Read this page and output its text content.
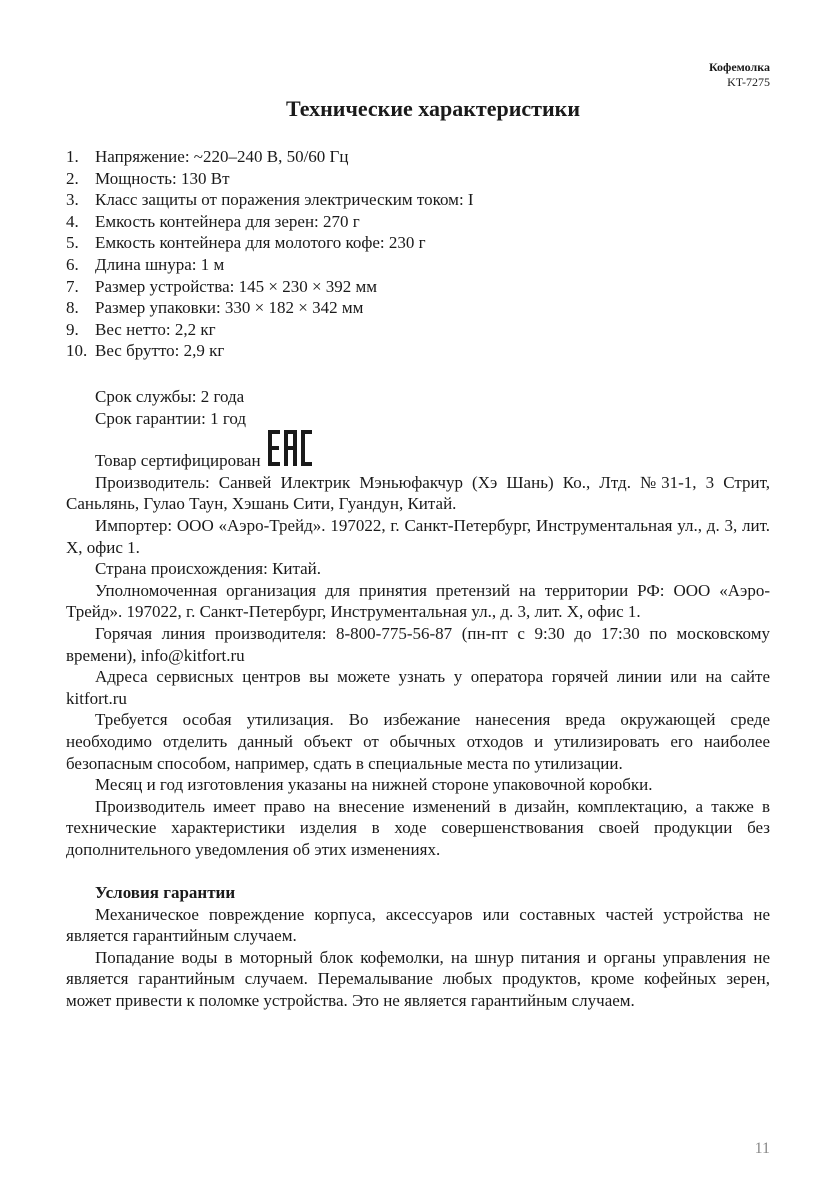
Кофемолка
KT-7275
Технические характеристики
1. Напряжение: ~220–240 В, 50/60 Гц
2. Мощность: 130 Вт
3. Класс защиты от поражения электрическим током: I
4. Емкость контейнера для зерен: 270 г
5. Емкость контейнера для молотого кофе: 230 г
6. Длина шнура: 1 м
7. Размер устройства: 145 × 230 × 392 мм
8. Размер упаковки: 330 × 182 × 342 мм
9. Вес нетто: 2,2 кг
10. Вес брутто: 2,9 кг
Срок службы: 2 года
Срок гарантии: 1 год
Товар сертифицирован

Производитель: Санвей Илектрик Мэньюфакчур (Хэ Шань) Ко., Лтд. №31-1, 3 Стрит, Саньлянь, Гулао Таун, Хэшань Сити, Гуандун, Китай.

Импортер: ООО «Аэро-Трейд». 197022, г. Санкт-Петербург, Инструментальная ул., д. 3, лит. Х, офис 1.

Страна происхождения: Китай.

Уполномоченная организация для принятия претензий на территории РФ: ООО «Аэро-Трейд». 197022, г. Санкт-Петербург, Инструментальная ул., д. 3, лит. Х, офис 1.

Горячая линия производителя: 8-800-775-56-87 (пн-пт с 9:30 до 17:30 по московскому времени), info@kitfort.ru

Адреса сервисных центров вы можете узнать у оператора горячей линии или на сайте kitfort.ru

Требуется особая утилизация. Во избежание нанесения вреда окружающей среде необходимо отделить данный объект от обычных отходов и утилизировать его наиболее безопасным способом, например, сдать в специальные места по утилизации.

Месяц и год изготовления указаны на нижней стороне упаковочной коробки.

Производитель имеет право на внесение изменений в дизайн, комплектацию, а также в технические характеристики изделия в ходе совершенствования своей продукции без дополнительного уведомления об этих изменениях.

Условия гарантии

Механическое повреждение корпуса, аксессуаров или составных частей устройства не является гарантийным случаем.

Попадание воды в моторный блок кофемолки, на шнур питания и органы управления не является гарантийным случаем. Перемалывание любых продуктов, кроме кофейных зерен, может привести к поломке устройства. Это не является гарантийным случаем.

11
